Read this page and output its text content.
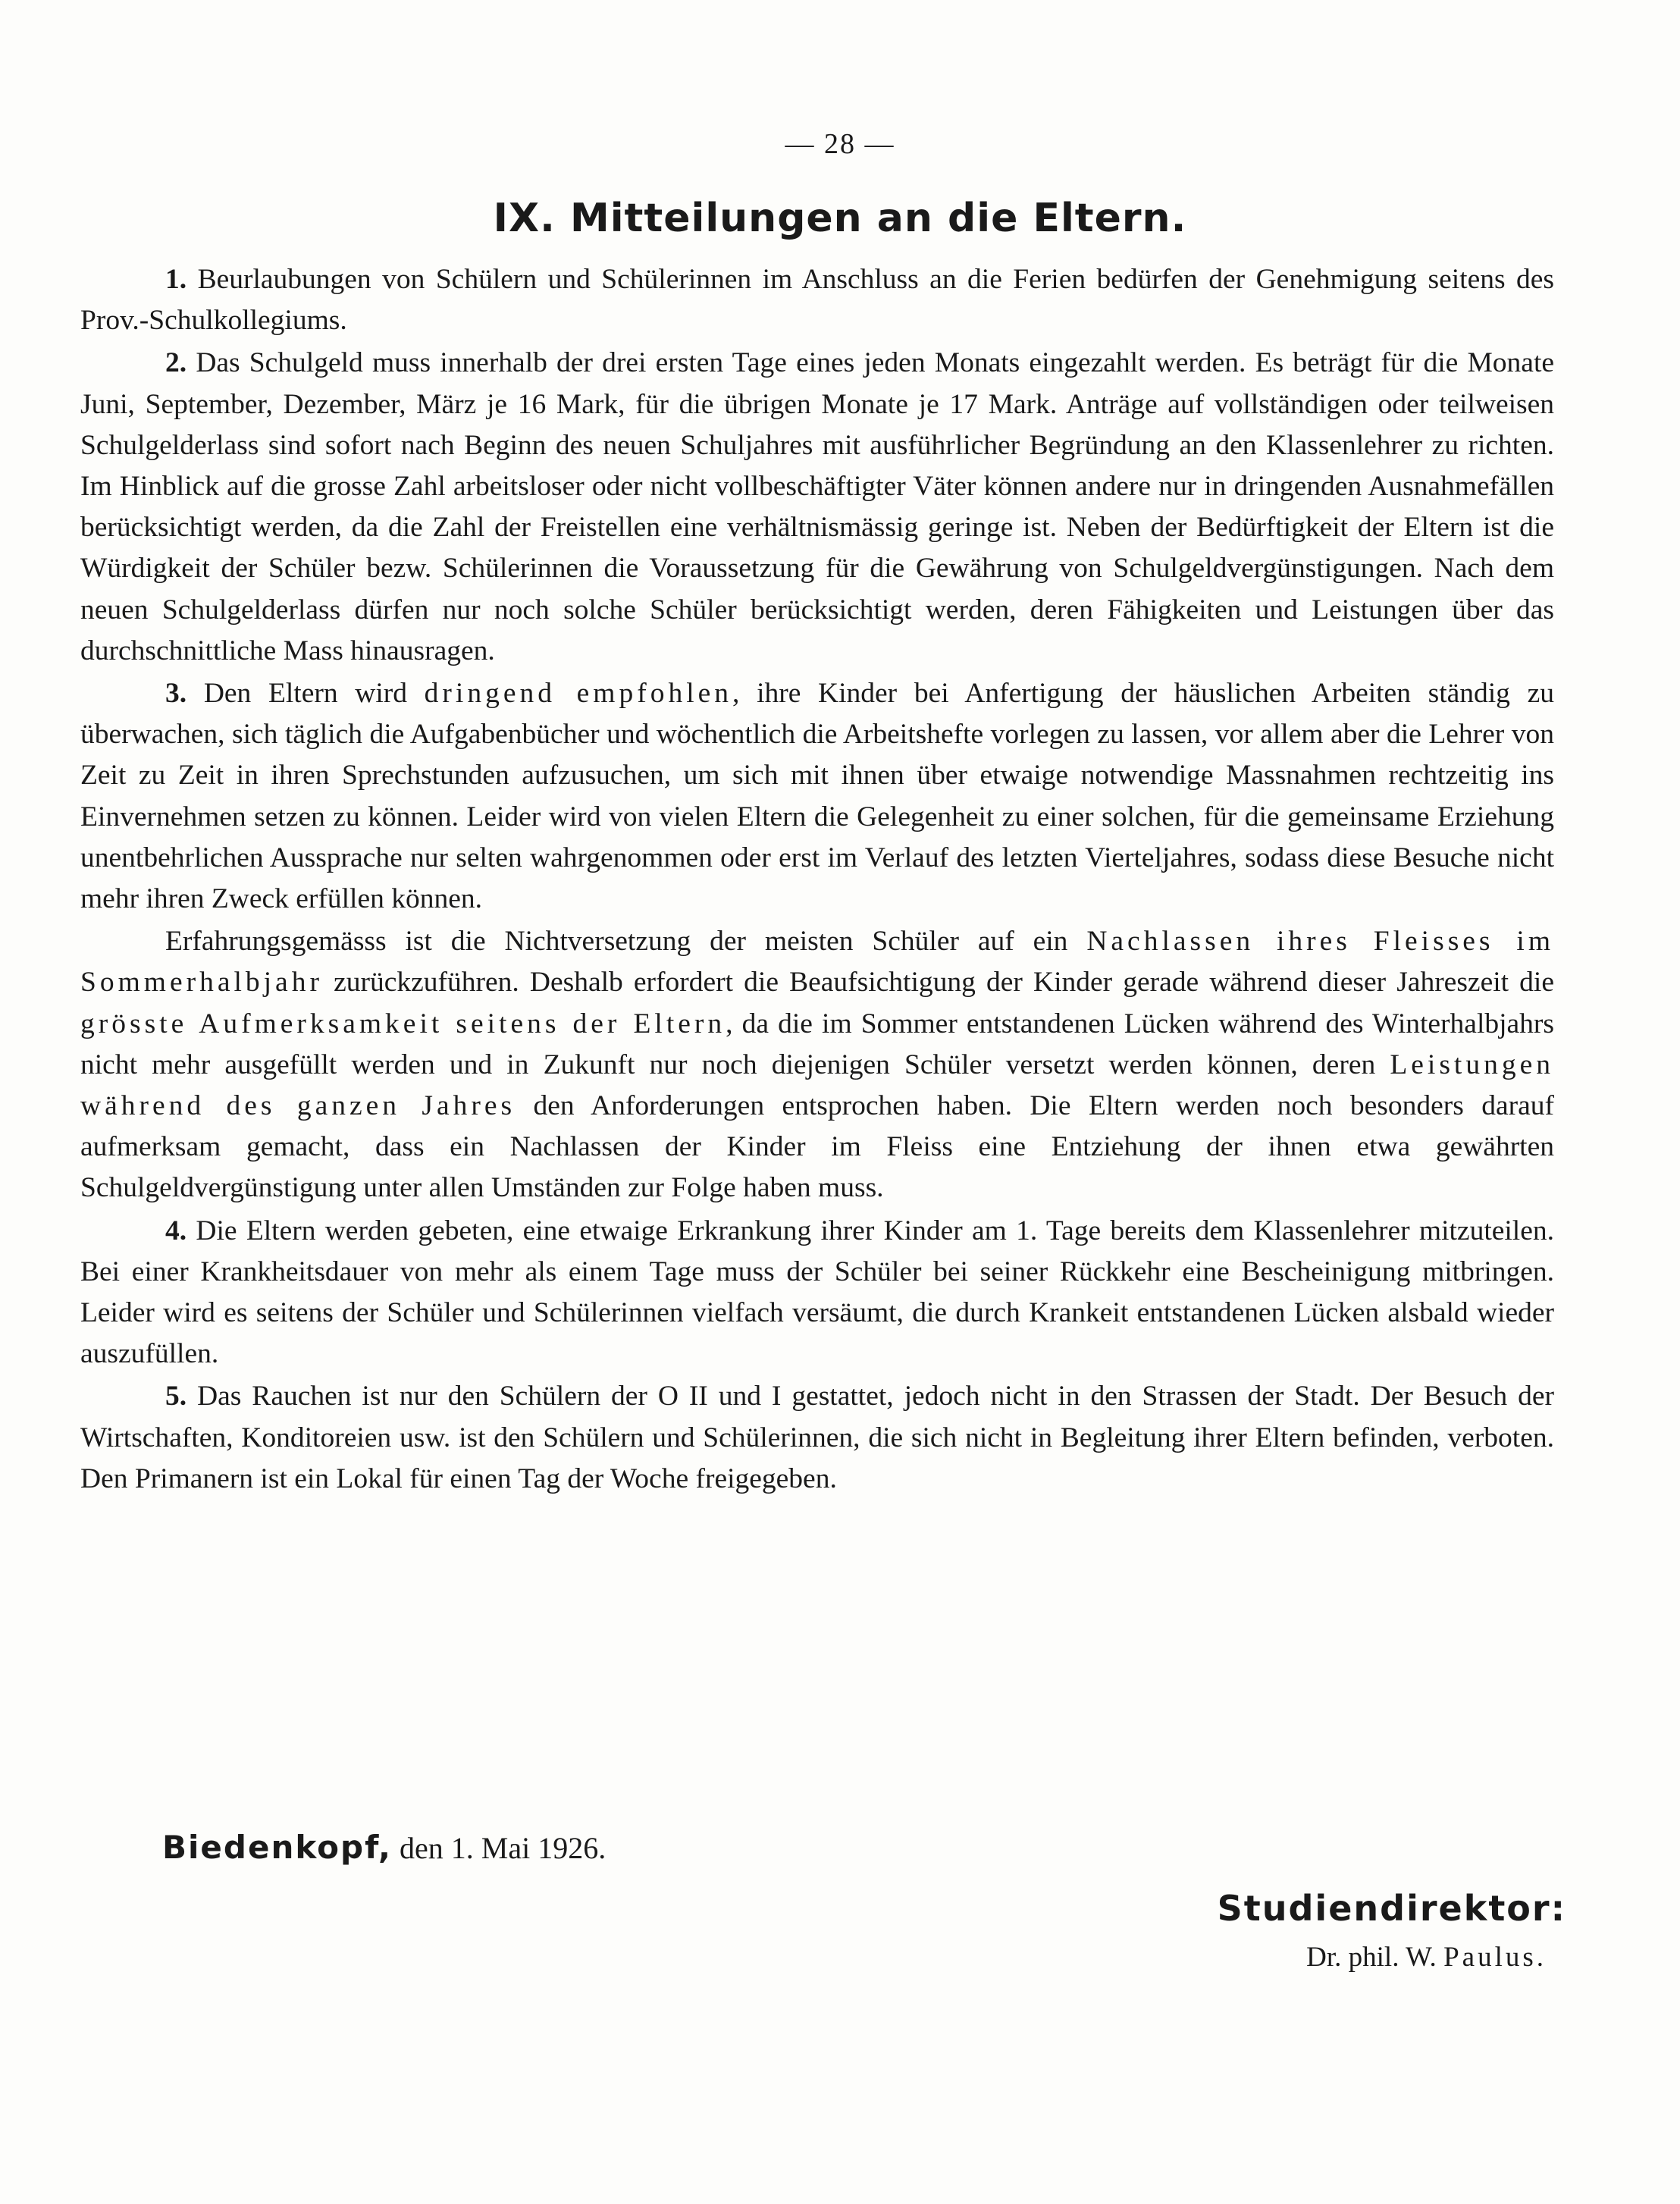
— 28 —
IX. Mitteilungen an die Eltern.

1. Beurlaubungen von Schülern und Schülerinnen im Anschluss an die Ferien bedürfen der Genehmigung seitens des Prov.-Schulkollegiums.

2. Das Schulgeld muss innerhalb der drei ersten Tage eines jeden Monats eingezahlt werden. Es beträgt für die Monate Juni, September, Dezember, März je 16 Mark, für die übrigen Monate je 17 Mark. Anträge auf vollständigen oder teilweisen Schulgelderlass sind sofort nach Beginn des neuen Schuljahres mit ausführlicher Begründung an den Klassenlehrer zu richten. Im Hinblick auf die grosse Zahl arbeitsloser oder nicht vollbeschäftigter Väter können andere nur in dringenden Ausnahmefällen berücksichtigt werden, da die Zahl der Freistellen eine verhältnismässig geringe ist. Neben der Bedürftigkeit der Eltern ist die Würdigkeit der Schüler bezw. Schülerinnen die Voraussetzung für die Gewährung von Schulgeldvergünstigungen. Nach dem neuen Schulgelderlass dürfen nur noch solche Schüler berücksichtigt werden, deren Fähigkeiten und Leistungen über das durchschnittliche Mass hinausragen.

3. Den Eltern wird dringend empfohlen, ihre Kinder bei Anfertigung der häuslichen Arbeiten ständig zu überwachen, sich täglich die Aufgabenbücher und wöchentlich die Arbeitshefte vorlegen zu lassen, vor allem aber die Lehrer von Zeit zu Zeit in ihren Sprechstunden aufzusuchen, um sich mit ihnen über etwaige notwendige Massnahmen rechtzeitig ins Einvernehmen setzen zu können. Leider wird von vielen Eltern die Gelegenheit zu einer solchen, für die gemeinsame Erziehung unentbehrlichen Aussprache nur selten wahrgenommen oder erst im Verlauf des letzten Vierteljahres, sodass diese Besuche nicht mehr ihren Zweck erfüllen können.

Erfahrungsgemässs ist die Nichtversetzung der meisten Schüler auf ein Nachlassen ihres Fleisses im Sommerhalbjahr zurückzuführen. Deshalb erfordert die Beaufsichtigung der Kinder gerade während dieser Jahreszeit die grösste Aufmerksamkeit seitens der Eltern, da die im Sommer entstandenen Lücken während des Winterhalbjahrs nicht mehr ausgefüllt werden und in Zukunft nur noch diejenigen Schüler versetzt werden können, deren Leistungen während des ganzen Jahres den Anforderungen entsprochen haben. Die Eltern werden noch besonders darauf aufmerksam gemacht, dass ein Nachlassen der Kinder im Fleiss eine Entziehung der ihnen etwa gewährten Schulgeldvergünstigung unter allen Umständen zur Folge haben muss.

4. Die Eltern werden gebeten, eine etwaige Erkrankung ihrer Kinder am 1. Tage bereits dem Klassenlehrer mitzuteilen. Bei einer Krankheitsdauer von mehr als einem Tage muss der Schüler bei seiner Rückkehr eine Bescheinigung mitbringen. Leider wird es seitens der Schüler und Schülerinnen vielfach versäumt, die durch Krankeit entstandenen Lücken alsbald wieder auszufüllen.

5. Das Rauchen ist nur den Schülern der O II und I gestattet, jedoch nicht in den Strassen der Stadt. Der Besuch der Wirtschaften, Konditoreien usw. ist den Schülern und Schülerinnen, die sich nicht in Begleitung ihrer Eltern befinden, verboten. Den Primanern ist ein Lokal für einen Tag der Woche freigegeben.

Biedenkopf, den 1. Mai 1926.
Studiendirektor:
Dr. phil. W. Paulus.
